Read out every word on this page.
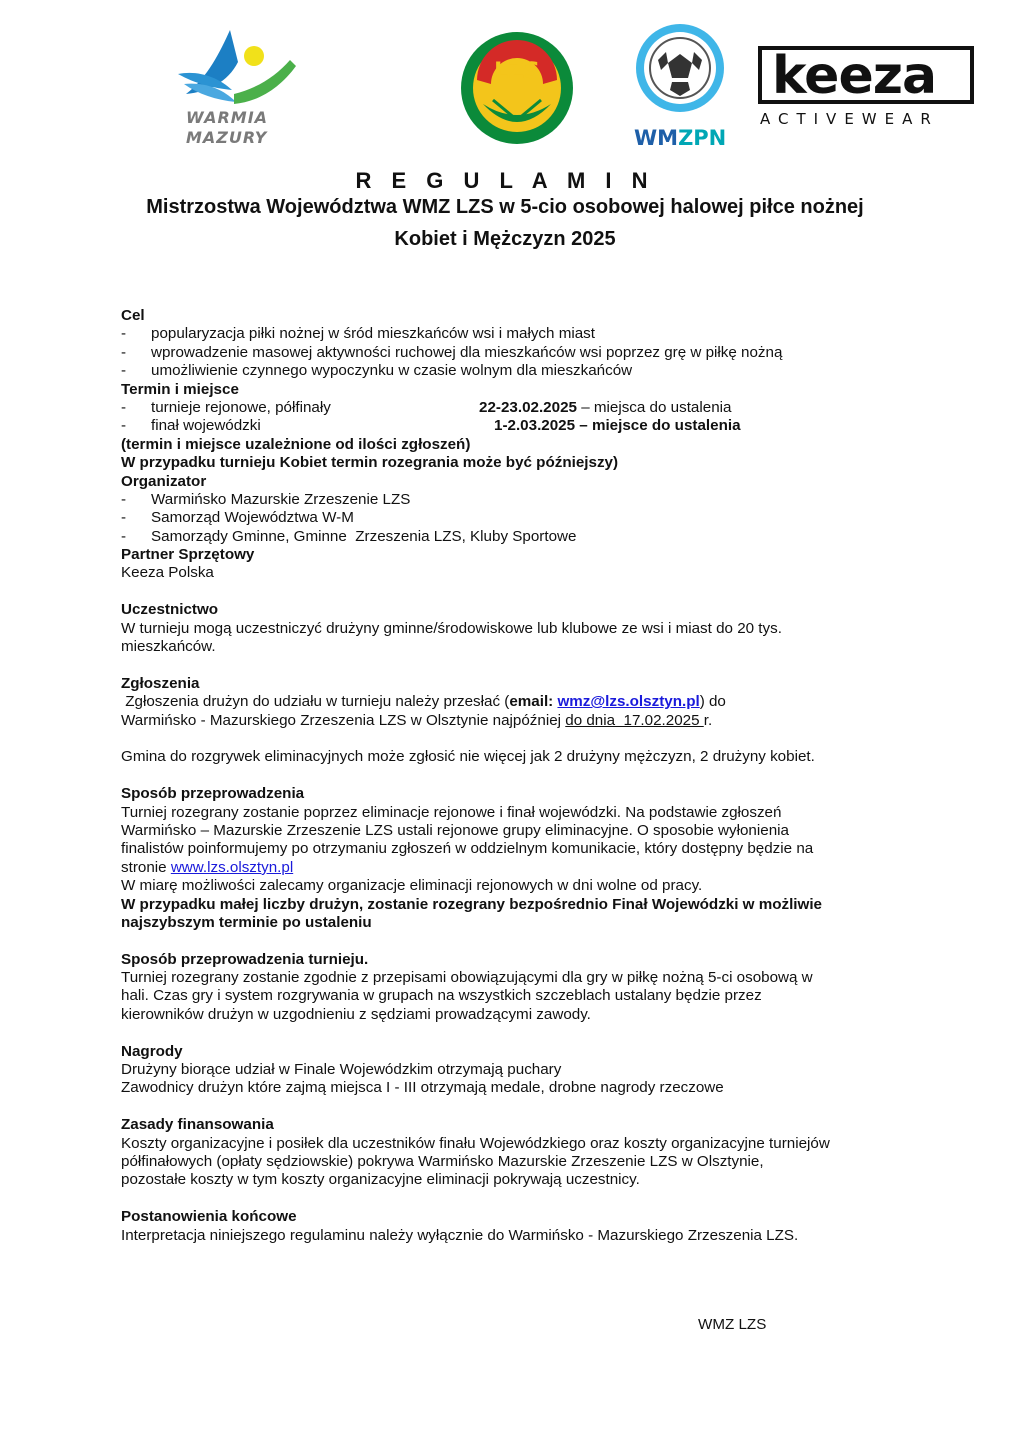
WARMIA
MAZURY
LZS
WMZPN
keeza
ACTIVEWEAR
R E G U L A M I N
Mistrzostwa Województwa WMZ LZS w 5-cio osobowej halowej piłce nożnej
Kobiet i Mężczyzn 2025
Cel
- popularyzacja piłki nożnej w śród mieszkańców wsi i małych miast
- wprowadzenie masowej aktywności ruchowej dla mieszkańców wsi poprzez grę w piłkę nożną
- umożliwienie czynnego wypoczynku w czasie wolnym dla mieszkańców
Termin i miejsce
- turnieje rejonowe, półfinały	22-23.02.2025 – miejsca do ustalenia
- finał wojewódzki	1-2.03.2025 – miejsce do ustalenia
(termin i miejsce uzależnione od ilości zgłoszeń)
W przypadku turnieju Kobiet termin rozegrania może być późniejszy)
Organizator
- Warmińsko Mazurskie Zrzeszenie LZS
- Samorząd Województwa W-M
- Samorządy Gminne, Gminne  Zrzeszenia LZS, Kluby Sportowe
Partner Sprzętowy
Keeza Polska
Uczestnictwo
W turnieju mogą uczestniczyć drużyny gminne/środowiskowe lub klubowe ze wsi i miast do 20 tys.
mieszkańców.
Zgłoszenia
Zgłoszenia drużyn do udziału w turnieju należy przesłać (email: wmz@lzs.olsztyn.pl) do
Warmińsko - Mazurskiego Zrzeszenia LZS w Olsztynie najpóźniej do dnia  17.02.2025 r.
Gmina do rozgrywek eliminacyjnych może zgłosić nie więcej jak 2 drużyny mężczyzn, 2 drużyny kobiet.
Sposób przeprowadzenia
Turniej rozegrany zostanie poprzez eliminacje rejonowe i finał wojewódzki. Na podstawie zgłoszeń
Warmińsko – Mazurskie Zrzeszenie LZS ustali rejonowe grupy eliminacyjne. O sposobie wyłonienia
finalistów poinformujemy po otrzymaniu zgłoszeń w oddzielnym komunikacie, który dostępny będzie na
stronie www.lzs.olsztyn.pl
W miarę możliwości zalecamy organizacje eliminacji rejonowych w dni wolne od pracy.
W przypadku małej liczby drużyn, zostanie rozegrany bezpośrednio Finał Wojewódzki w możliwie
najszybszym terminie po ustaleniu
Sposób przeprowadzenia turnieju.
Turniej rozegrany zostanie zgodnie z przepisami obowiązującymi dla gry w piłkę nożną 5-ci osobową w
hali. Czas gry i system rozgrywania w grupach na wszystkich szczeblach ustalany będzie przez
kierowników drużyn w uzgodnieniu z sędziami prowadzącymi zawody.
Nagrody
Drużyny biorące udział w Finale Wojewódzkim otrzymają puchary
Zawodnicy drużyn które zajmą miejsca I - III otrzymają medale, drobne nagrody rzeczowe
Zasady finansowania
Koszty organizacyjne i posiłek dla uczestników finału Wojewódzkiego oraz koszty organizacyjne turniejów
półfinałowych (opłaty sędziowskie) pokrywa Warmińsko Mazurskie Zrzeszenie LZS w Olsztynie,
pozostałe koszty w tym koszty organizacyjne eliminacji pokrywają uczestnicy.
Postanowienia końcowe
Interpretacja niniejszego regulaminu należy wyłącznie do Warmińsko - Mazurskiego Zrzeszenia LZS.
WMZ LZS
